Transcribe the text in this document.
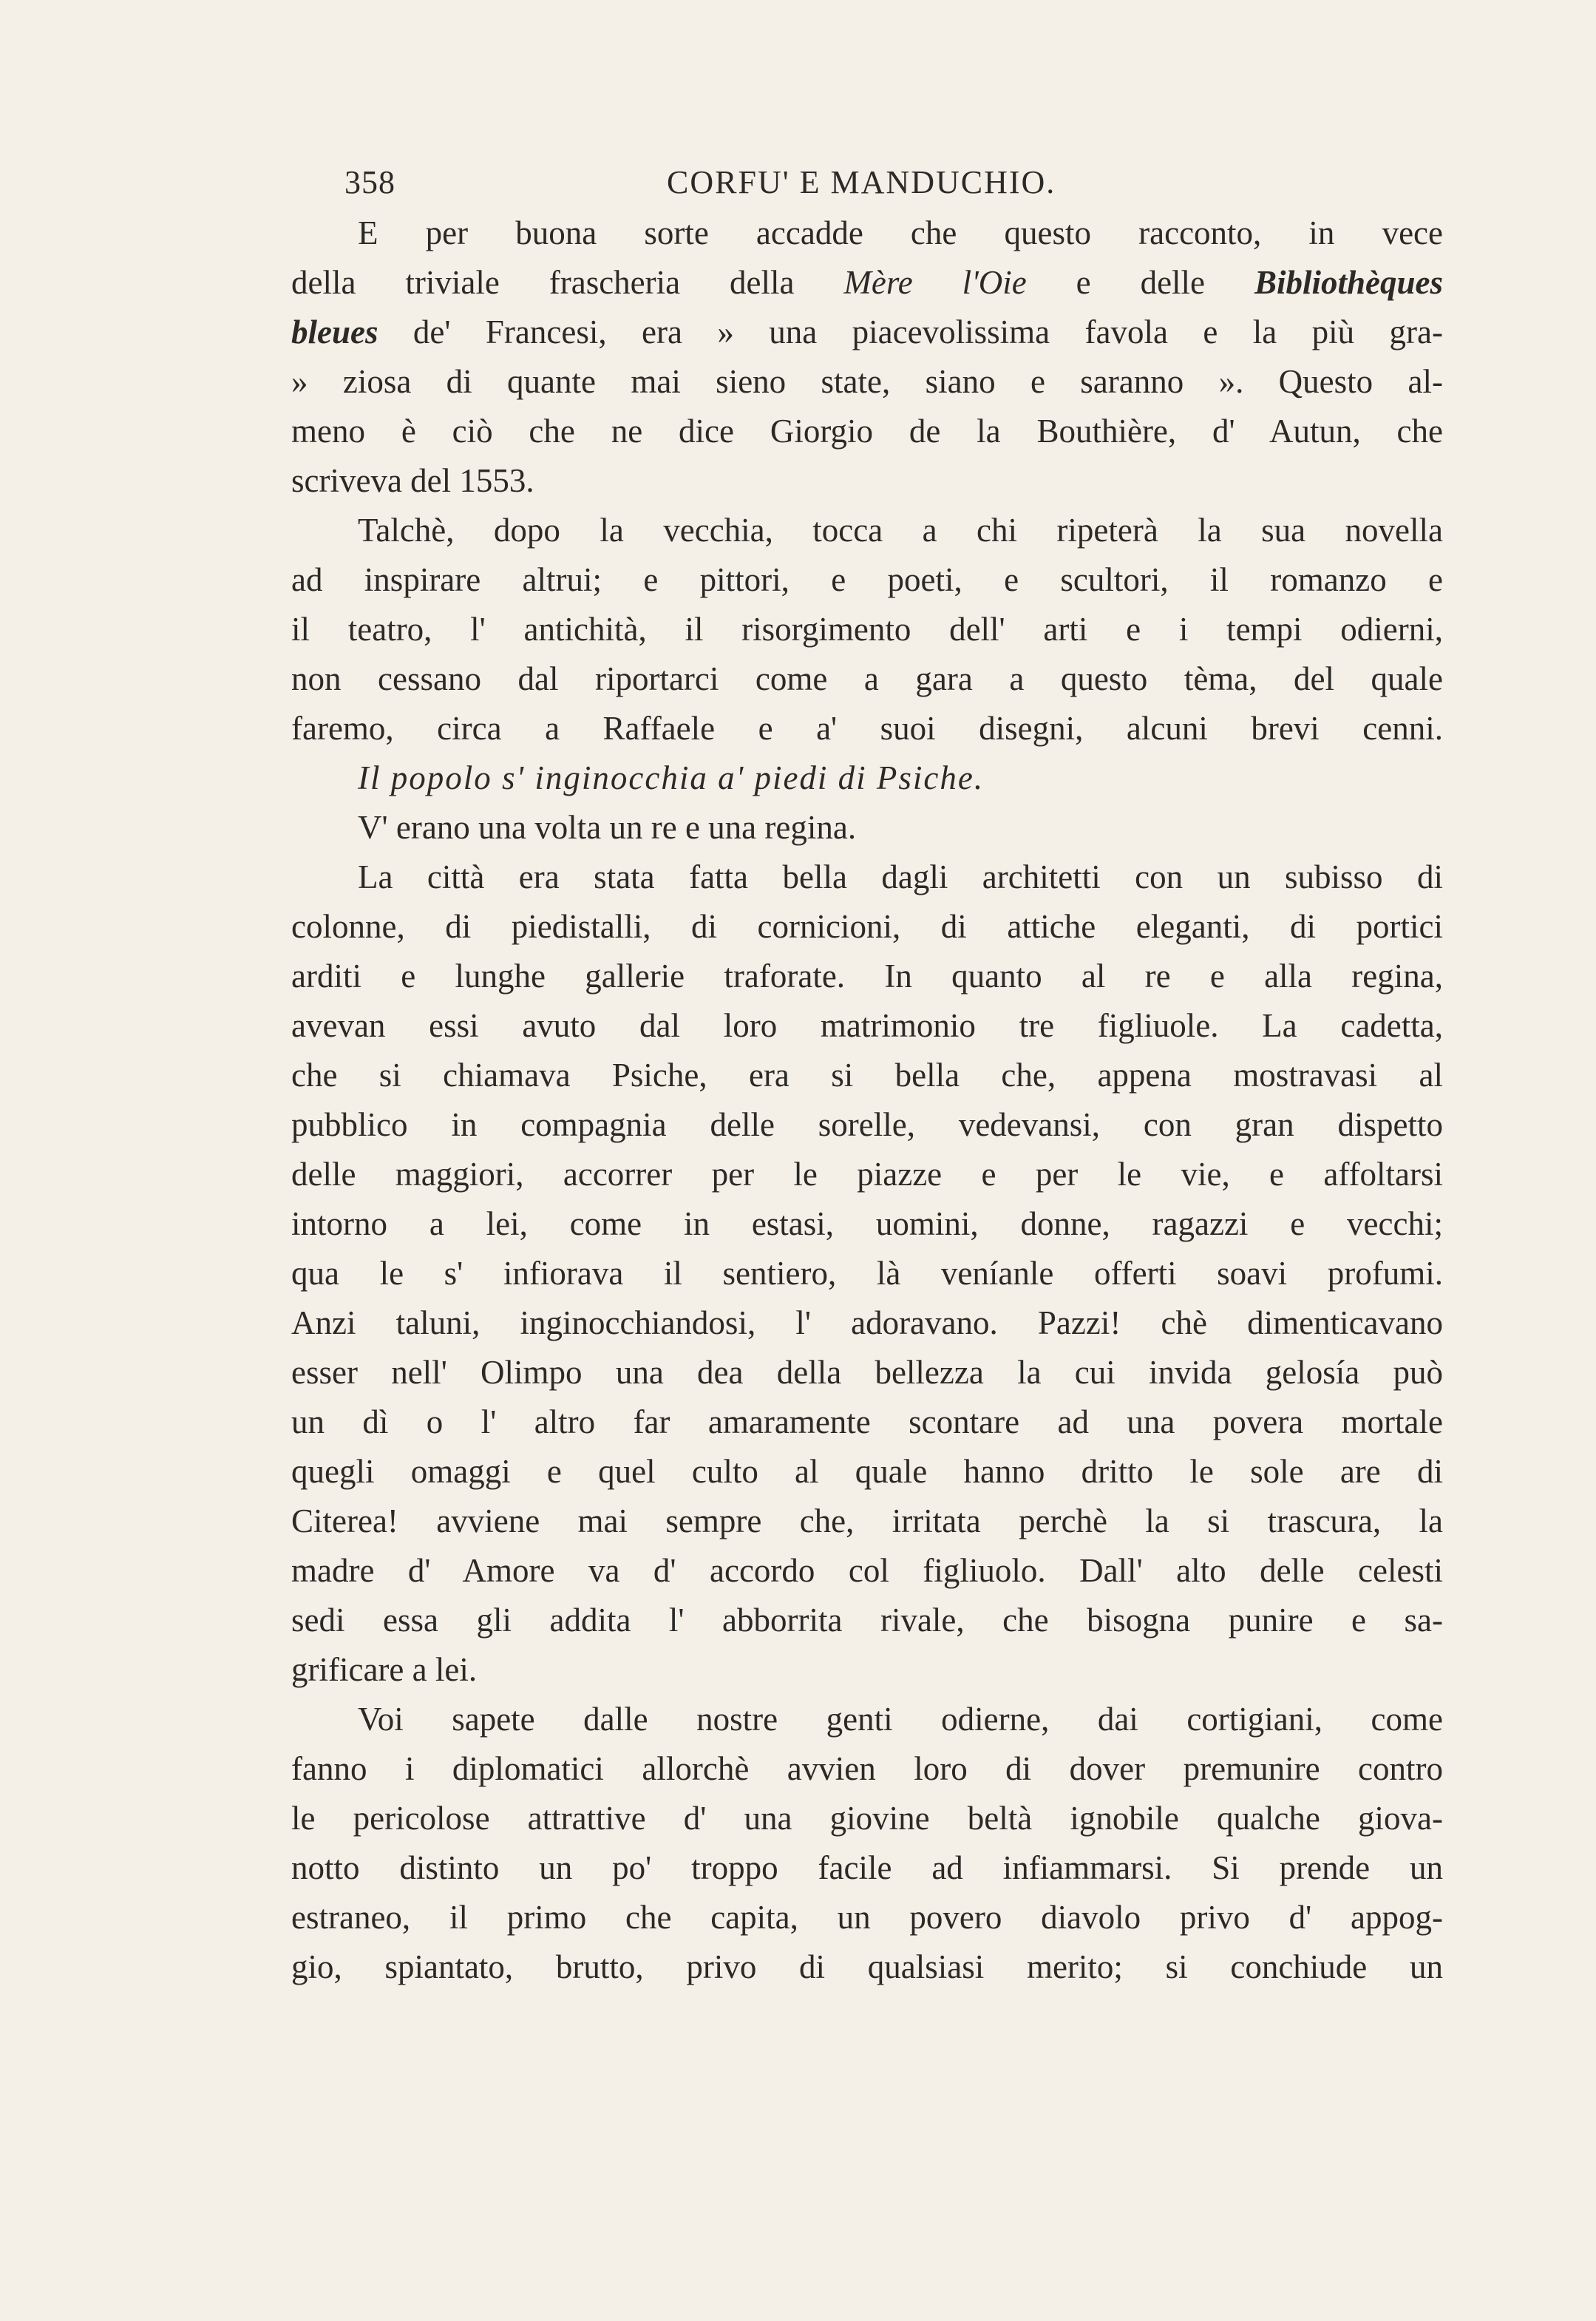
358	CORFU' E MANDUCHIO.
E per buona sorte accadde che questo racconto, in vece
della triviale frascheria della Mère l'Oie e delle Bibliothèques
bleues de' Francesi, era » una piacevolissima favola e la più gra-
» ziosa di quante mai sieno state, siano e saranno ». Questo al-
meno è ciò che ne dice Giorgio de la Bouthière, d' Autun, che
scriveva del 1553.
Talchè, dopo la vecchia, tocca a chi ripeterà la sua novella
ad inspirare altrui; e pittori, e poeti, e scultori, il romanzo e
il teatro, l' antichità, il risorgimento dell' arti e i tempi odierni,
non cessano dal riportarci come a gara a questo tèma, del quale
faremo, circa a Raffaele e a' suoi disegni, alcuni brevi cenni.
Il popolo s' inginocchia a' piedi di Psiche.
V' erano una volta un re e una regina.
La città era stata fatta bella dagli architetti con un subisso di
colonne, di piedistalli, di cornicioni, di attiche eleganti, di portici
arditi e lunghe gallerie traforate. In quanto al re e alla regina,
avevan essi avuto dal loro matrimonio tre figliuole. La cadetta,
che si chiamava Psiche, era si bella che, appena mostravasi al
pubblico in compagnia delle sorelle, vedevansi, con gran dispetto
delle maggiori, accorrer per le piazze e per le vie, e affoltarsi
intorno a lei, come in estasi, uomini, donne, ragazzi e vecchi;
qua le s' infiorava il sentiero, là veníanle offerti soavi profumi.
Anzi taluni, inginocchiandosi, l' adoravano. Pazzi! chè dimenticavano
esser nell' Olimpo una dea della bellezza la cui invida gelosía può
un dì o l' altro far amaramente scontare ad una povera mortale
quegli omaggi e quel culto al quale hanno dritto le sole are di
Citerea! avviene mai sempre che, irritata perchè la si trascura, la
madre d' Amore va d' accordo col figliuolo. Dall' alto delle celesti
sedi essa gli addita l' abborrita rivale, che bisogna punire e sa-
grificare a lei.
Voi sapete dalle nostre genti odierne, dai cortigiani, come
fanno i diplomatici allorchè avvien loro di dover premunire contro
le pericolose attrattive d' una giovine beltà ignobile qualche giova-
notto distinto un po' troppo facile ad infiammarsi. Si prende un
estraneo, il primo che capita, un povero diavolo privo d' appog-
gio, spiantato, brutto, privo di qualsiasi merito; si conchiude un
